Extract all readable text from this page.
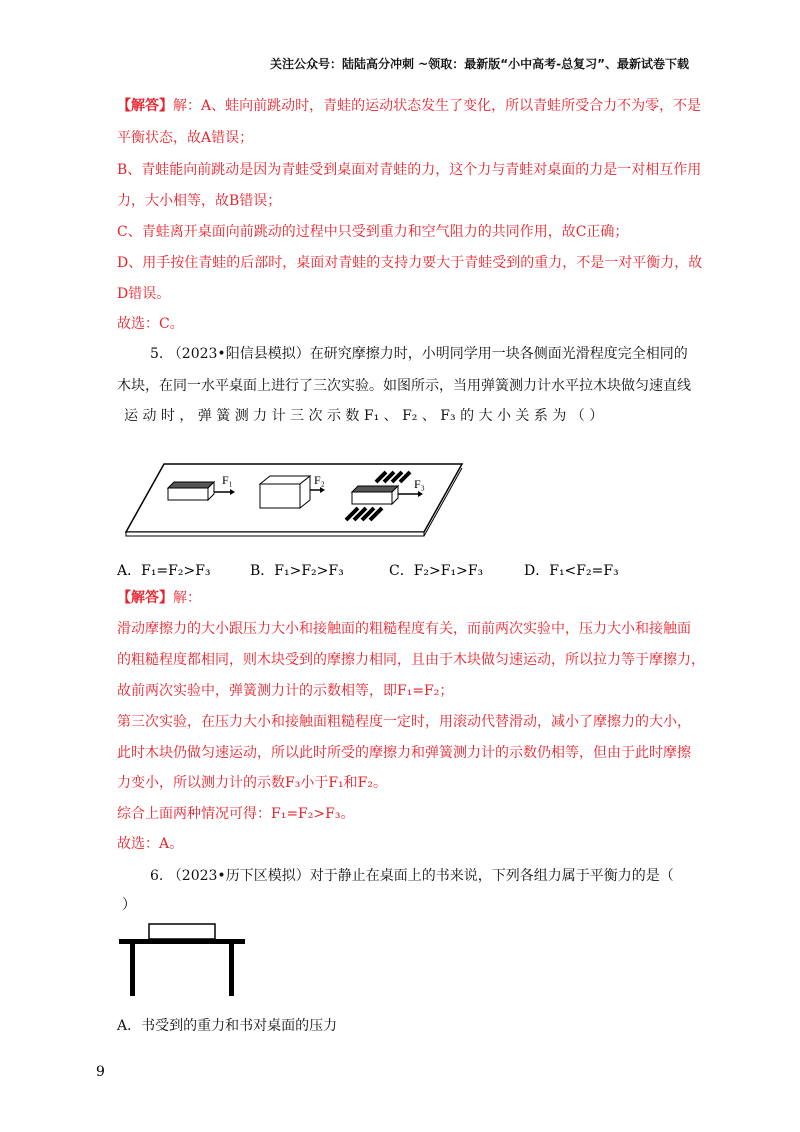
关注公众号：陆陆高分冲刺 ~领取：最新版“小中高考-总复习”、最新试卷下载
【解答】解：A、蛙向前跳动时，青蛙的运动状态发生了变化，所以青蛙所受合力不为零，不是
平衡状态，故A错误；
B、青蛙能向前跳动是因为青蛙受到桌面对青蛙的力，这个力与青蛙对桌面的力是一对相互作用
力，大小相等，故B错误；
C、青蛙离开桌面向前跳动的过程中只受到重力和空气阻力的共同作用，故C正确；
D、用手按住青蛙的后部时，桌面对青蛙的支持力要大于青蛙受到的重力，不是一对平衡力，故
D错误。
故选：C。
5. （2023•阳信县模拟）在研究摩擦力时，小明同学用一块各侧面光滑程度完全相同的
木块，在同一水平桌面上进行了三次实验。如图所示，当用弹簧测力计水平拉木块做匀速直线
运 动 时 ， 弹 簧 测 力 计 三 次 示 数 F₁ 、 F₂ 、 F₃ 的 大 小 关 系 为 （ ）
F₁	F₂	F₃
A．F₁=F₂>F₃	B．F₁>F₂>F₃	C．F₂>F₁>F₃	D．F₁<F₂=F₃
【解答】解：
滑动摩擦力的大小跟压力大小和接触面的粗糙程度有关，而前两次实验中，压力大小和接触面
的粗糙程度都相同，则木块受到的摩擦力相同，且由于木块做匀速运动，所以拉力等于摩擦力，
故前两次实验中，弹簧测力计的示数相等，即F₁=F₂；
第三次实验，在压力大小和接触面粗糙程度一定时，用滚动代替滑动，减小了摩擦力的大小，
此时木块仍做匀速运动，所以此时所受的摩擦力和弹簧测力计的示数仍相等，但由于此时摩擦
力变小，所以测力计的示数F₃小于F₁和F₂。
综合上面两种情况可得：F₁=F₂>F₃。
故选：A。
6. （2023•历下区模拟）对于静止在桌面上的书来说，下列各组力属于平衡力的是（
）
A．书受到的重力和书对桌面的压力
9
